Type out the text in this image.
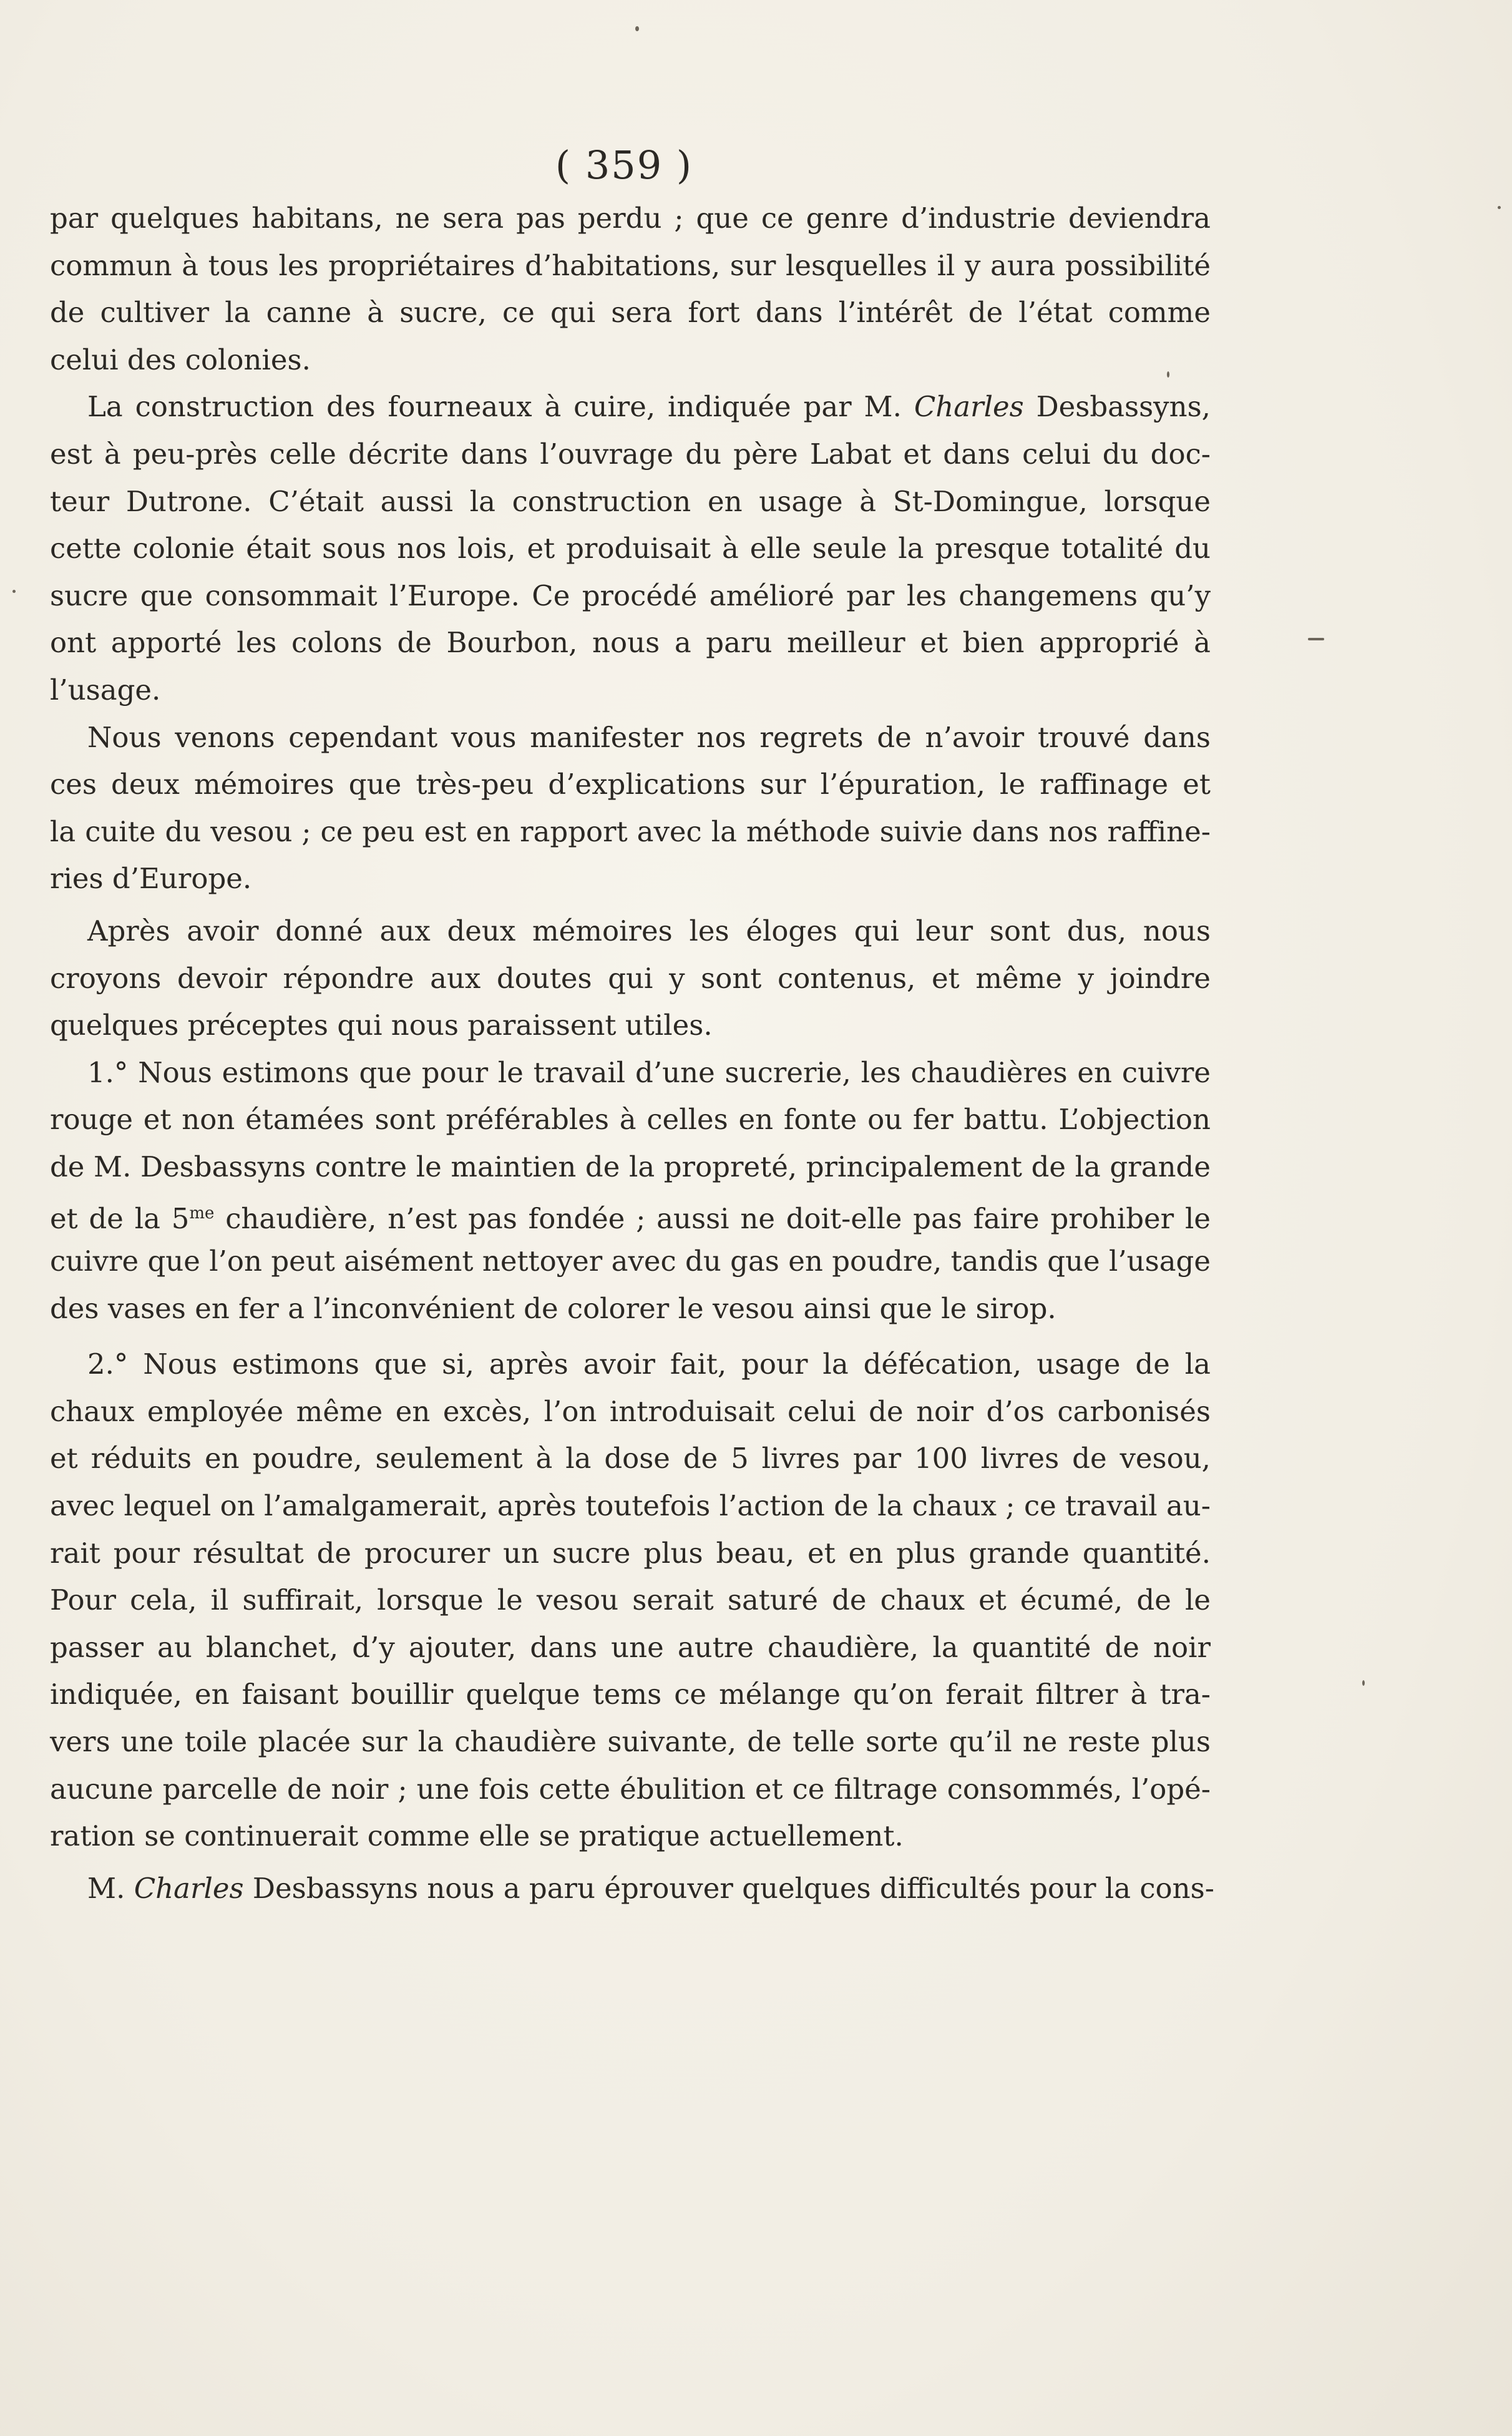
( 359 )
par quelques habitans, ne sera pas perdu ; que ce genre d’industrie deviendra
commun à tous les propriétaires d’habitations, sur lesquelles il y aura possibilité
de cultiver la canne à sucre, ce qui sera fort dans l’intérêt de l’état comme
celui des colonies.
La construction des fourneaux à cuire, indiquée par M. Charles Desbassyns,
est à peu-près celle décrite dans l’ouvrage du père Labat et dans celui du doc-
teur Dutrone. C’était aussi la construction en usage à St-Domingue, lorsque
cette colonie était sous nos lois, et produisait à elle seule la presque totalité du
sucre que consommait l’Europe. Ce procédé amélioré par les changemens qu’y
ont apporté les colons de Bourbon, nous a paru meilleur et bien approprié à
l’usage.
Nous venons cependant vous manifester nos regrets de n’avoir trouvé dans
ces deux mémoires que très-peu d’explications sur l’épuration, le raffinage et
la cuite du vesou ; ce peu est en rapport avec la méthode suivie dans nos raffine-
ries d’Europe.
Après avoir donné aux deux mémoires les éloges qui leur sont dus, nous
croyons devoir répondre aux doutes qui y sont contenus, et même y joindre
quelques préceptes qui nous paraissent utiles.
1.° Nous estimons que pour le travail d’une sucrerie, les chaudières en cuivre
rouge et non étamées sont préférables à celles en fonte ou fer battu. L’objection
de M. Desbassyns contre le maintien de la propreté, principalement de la grande
et de la $5^{me}$ chaudière, n’est pas fondée ; aussi ne doit-elle pas faire prohiber le
cuivre que l’on peut aisément nettoyer avec du gas en poudre, tandis que l’usage
des vases en fer a l’inconvénient de colorer le vesou ainsi que le sirop.
2.° Nous estimons que si, après avoir fait, pour la défécation, usage de la
chaux employée même en excès, l’on introduisait celui de noir d’os carbonisés
et réduits en poudre, seulement à la dose de 5 livres par 100 livres de vesou,
avec lequel on l’amalgamerait, après toutefois l’action de la chaux ; ce travail au-
rait pour résultat de procurer un sucre plus beau, et en plus grande quantité.
Pour cela, il suffirait, lorsque le vesou serait saturé de chaux et écumé, de le
passer au blanchet, d’y ajouter, dans une autre chaudière, la quantité de noir
indiquée, en faisant bouillir quelque tems ce mélange qu’on ferait filtrer à tra-
vers une toile placée sur la chaudière suivante, de telle sorte qu’il ne reste plus
aucune parcelle de noir ; une fois cette ébulition et ce filtrage consommés, l’opé-
ration se continuerait comme elle se pratique actuellement.
M. Charles Desbassyns nous a paru éprouver quelques difficultés pour la cons-
